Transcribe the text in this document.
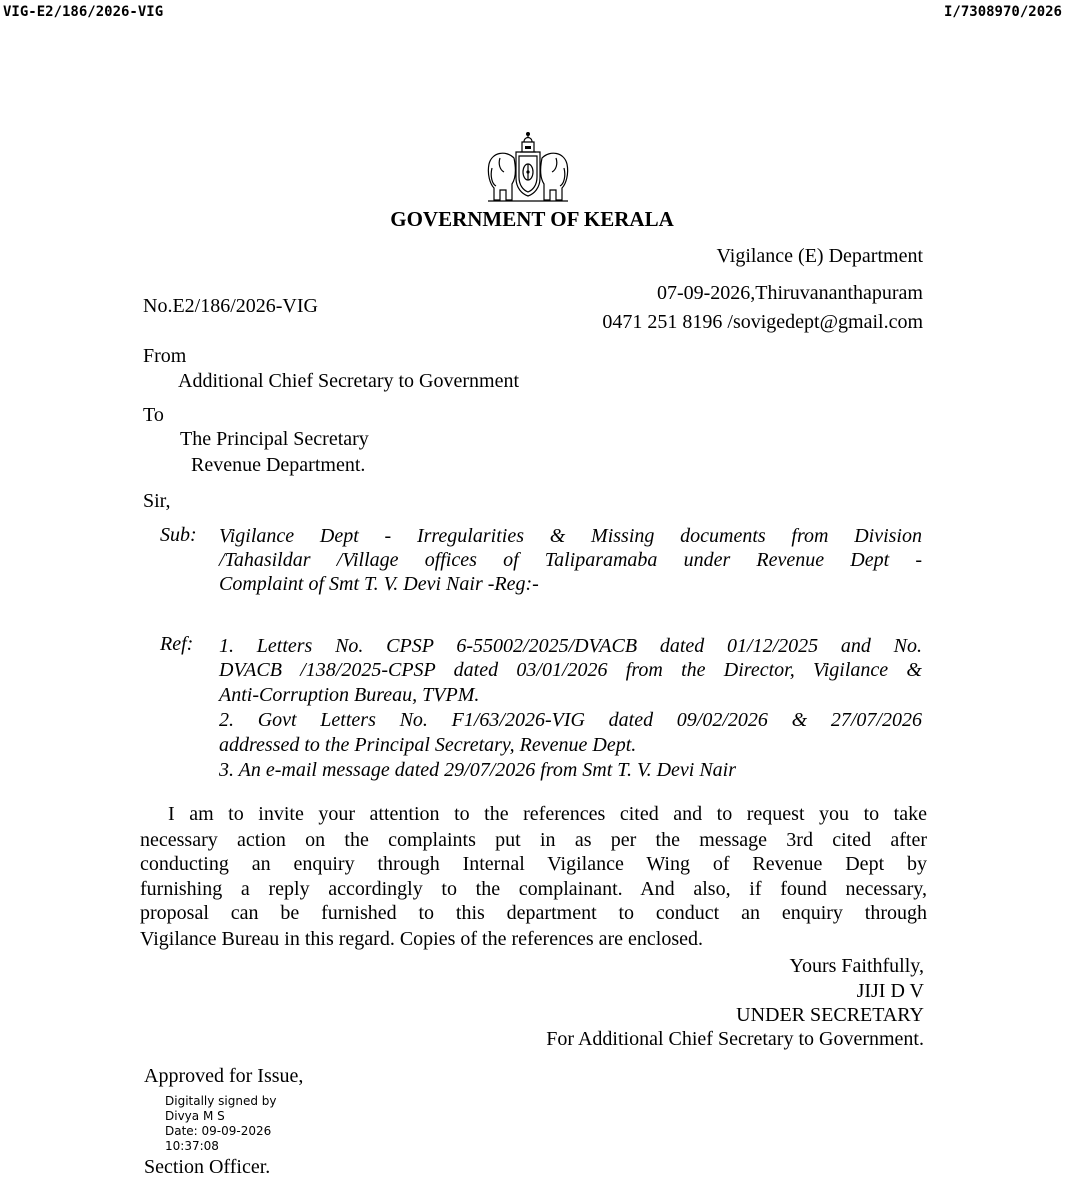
VIG-E2/186/2026-VIG	I/7308970/2026
GOVERNMENT OF KERALA
Vigilance (E) Department
07-09-2026,Thiruvananthapuram
0471 251 8196 /sovigedept@gmail.com
No.E2/186/2026-VIG
From
Additional Chief Secretary to Government
To
The Principal Secretary
Revenue Department.
Sir,
Sub: Vigilance Dept - Irregularities & Missing documents from Division
/Tahasildar /Village offices of Taliparamaba under Revenue Dept -
Complaint of Smt T. V. Devi Nair -Reg:-
Ref: 1. Letters No. CPSP 6-55002/2025/DVACB dated 01/12/2025 and No.
DVACB /138/2025-CPSP dated 03/01/2026 from the Director, Vigilance &
Anti-Corruption Bureau, TVPM.
2. Govt Letters No. F1/63/2026-VIG dated 09/02/2026 & 27/07/2026
addressed to the Principal Secretary, Revenue Dept.
3. An e-mail message dated 29/07/2026 from Smt T. V. Devi Nair
I am to invite your attention to the references cited and to request you to take
necessary action on the complaints put in as per the message 3rd cited after
conducting an enquiry through Internal Vigilance Wing of Revenue Dept by
furnishing a reply accordingly to the complainant. And also, if found necessary,
proposal can be furnished to this department to conduct an enquiry through
Vigilance Bureau in this regard. Copies of the references are enclosed.
Yours Faithfully,
JIJI D V
UNDER SECRETARY
For Additional Chief Secretary to Government.
Approved for Issue,
Digitally signed by
Divya M S
Date: 09-09-2026
10:37:08
Section Officer.
